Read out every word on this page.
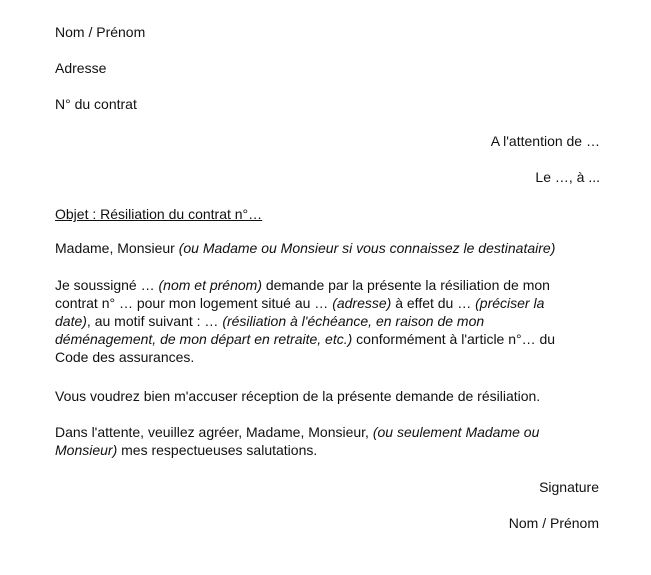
Nom / Prénom
Adresse
N° du contrat
A l'attention de …
Le …, à ...
Objet : Résiliation du contrat n°…
Madame, Monsieur (ou Madame ou Monsieur si vous connaissez le destinataire)

Je soussigné … (nom et prénom) demande par la présente la résiliation de mon

contrat n° … pour mon logement situé au … (adresse) à effet du … (préciser la

date), au motif suivant : … (résiliation à l'échéance, en raison de mon

déménagement, de mon départ en retraite, etc.) conformément à l'article n°… du

Code des assurances.

Vous voudrez bien m'accuser réception de la présente demande de résiliation.

Dans l'attente, veuillez agréer, Madame, Monsieur, (ou seulement Madame ou

Monsieur) mes respectueuses salutations.

Signature
Nom / Prénom
